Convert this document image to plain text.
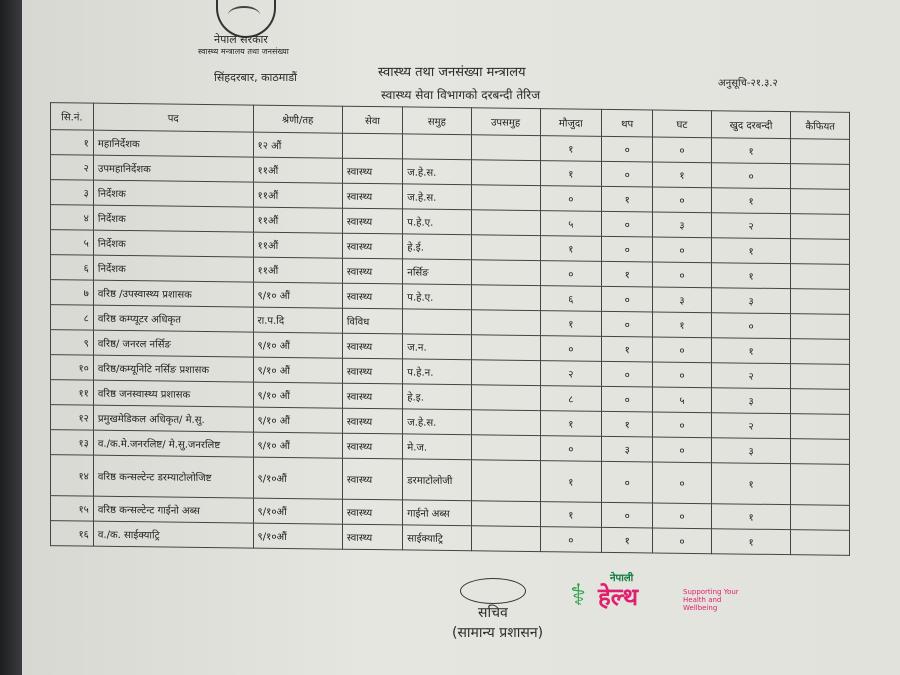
नेपाल सरकार
स्वास्थ्य मन्त्रालय तथा जनसंख्या
सिंहदरबार, काठमाडौं	स्वास्थ्य तथा जनसंख्या मन्त्रालय
स्वास्थ्य सेवा विभागको दरबन्दी तेरिज
अनुसूचि-२१.३.२
सि.नं.	पद	श्रेणी/तह	सेवा	समुह	उपसमुह	मौजुदा	थप	घट	खुद दरबन्दी	कैफियत
१	महानिर्देशक	१२ औं				१	०	०	१	
२	उपमहानिर्देशक	११औं	स्वास्थ्य	ज.हे.स.		१	०	१	०	
३	निर्देशक	११औं	स्वास्थ्य	ज.हे.स.		०	१	०	१	
४	निर्देशक	११औं	स्वास्थ्य	प.हे.ए.		५	०	३	२	
५	निर्देशक	११औं	स्वास्थ्य	हे.ई.		१	०	०	१	
६	निर्देशक	११औं	स्वास्थ्य	नर्सिङ		०	१	०	१	
७	वरिष्ठ /उपस्वास्थ्य प्रशासक	९/१० औं	स्वास्थ्य	प.हे.ए.		६	०	३	३	
८	वरिष्ठ कम्प्यूटर अधिकृत	रा.प.दि	विविध			१	०	१	०	
९	वरिष्ठ/ जनरल नर्सिङ	९/१० औं	स्वास्थ्य	ज.न.		०	१	०	१	
१०	वरिष्ठ/कम्यूनिटि नर्सिङ प्रशासक	९/१० औं	स्वास्थ्य	प.हे.न.		२	०	०	२	
११	वरिष्ठ जनस्वास्थ्य प्रशासक	९/१० औं	स्वास्थ्य	हे.इ.		८	०	५	३	
१२	प्रमुखमेडिकल अधिकृत/ मे.सु.	९/१० औं	स्वास्थ्य	ज.हे.स.		१	१	०	२	
१३	व./क.मे.जनरलिष्ट/ मे.सु.जनरलिष्ट	९/१० औं	स्वास्थ्य	मे.ज.		०	३	०	३	
१४	वरिष्ठ कन्सल्टेन्ट डरम्याटोलोजिष्ट	९/१०औं	स्वास्थ्य	डरमाटोलोजी		१	०	०	१	
१५	वरिष्ठ कन्सल्टेन्ट गाईनो अब्स	९/१०औं	स्वास्थ्य	गाईनो अब्स		१	०	०	१	
१६	व./क. साईक्याट्रि	९/१०औं	स्वास्थ्य	साईक्याट्रि		०	१	०	१	
सचिव
(सामान्य प्रशासन)
⚕ नेपाली
हेल्थ	Supporting Your
Health and Wellbeing
